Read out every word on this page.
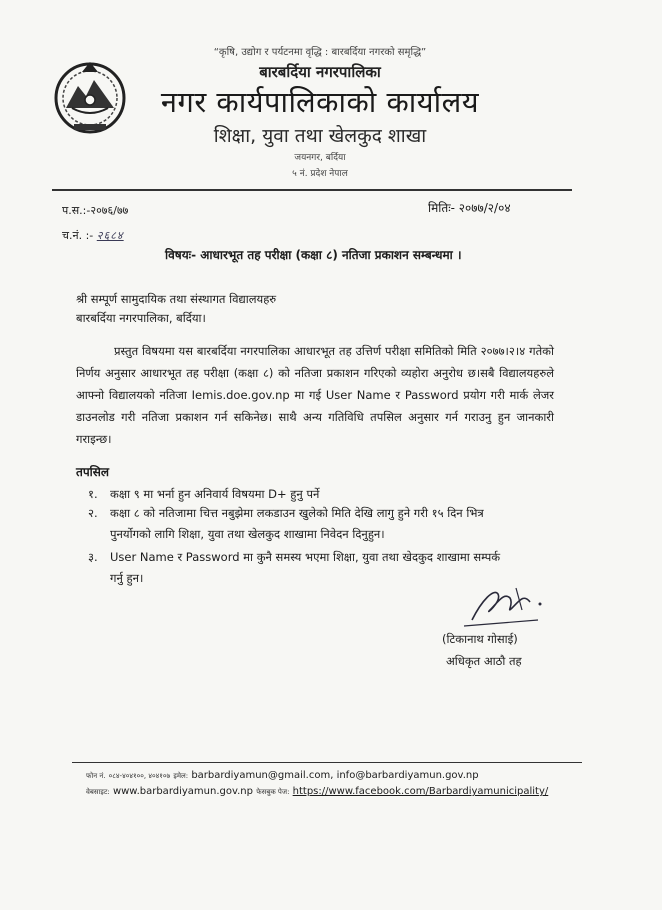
“कृषि, उद्योग र पर्यटनमा वृद्धि : बारबर्दिया नगरको समृद्धि”
बारबर्दिया नगरपालिका
नगर कार्यपालिकाको कार्यालय
शिक्षा, युवा तथा खेलकुद शाखा
जयनगर, बर्दिया
५ नं. प्रदेश नेपाल
प.स.:-२०७६/७७	मितिः- २०७७/२/०४
च.नं. :- २६८४
विषयः- आधारभूत तह परीक्षा (कक्षा ८) नतिजा प्रकाशन सम्बन्धमा ।
श्री सम्पूर्ण सामुदायिक तथा संस्थागत विद्यालयहरु
बारबर्दिया नगरपालिका, बर्दिया।
प्रस्तुत विषयमा यस बारबर्दिया नगरपालिका आधारभूत तह उत्तिर्ण परीक्षा समितिको मिति २०७७।२।४ गतेको निर्णय अनुसार आधारभूत तह परीक्षा (कक्षा ८) को नतिजा प्रकाशन गरिएको व्यहोरा अनुरोध छ।सबै विद्यालयहरुले आफ्नो विद्यालयको नतिजा Iemis.doe.gov.np मा गई User Name र Password प्रयोग गरी मार्क लेजर डाउनलोड गरी नतिजा प्रकाशन गर्न सकिनेछ। साथै अन्य गतिविधि तपसिल अनुसार गर्न गराउनु हुन जानकारी गराइन्छ।
तपसिल
१. कक्षा ९ मा भर्ना हुन अनिवार्य विषयमा D+ हुनु पर्ने
२. कक्षा ८ को नतिजामा चित्त नबुझेमा लकडाउन खुलेको मिति देखि लागु हुने गरी १५ दिन भित्र
पुनर्योगको लागि शिक्षा, युवा तथा खेलकुद शाखामा निवेदन दिनुहुन।
३. User Name र Password मा कुनै समस्य भएमा शिक्षा, युवा तथा खेदकुद शाखामा सम्पर्क
गर्नु हुन।
(टिकानाथ गोसाई)
अधिकृत आठौ तह
फोन नं. ०८४-४०४१००, ४०४१०७ इमेल: barbardiyamun@gmail.com, info@barbardiyamun.gov.np
वेबसाइट: www.barbardiyamun.gov.np फेसबुक पेज: https://www.facebook.com/Barbardiyamunicipality/
